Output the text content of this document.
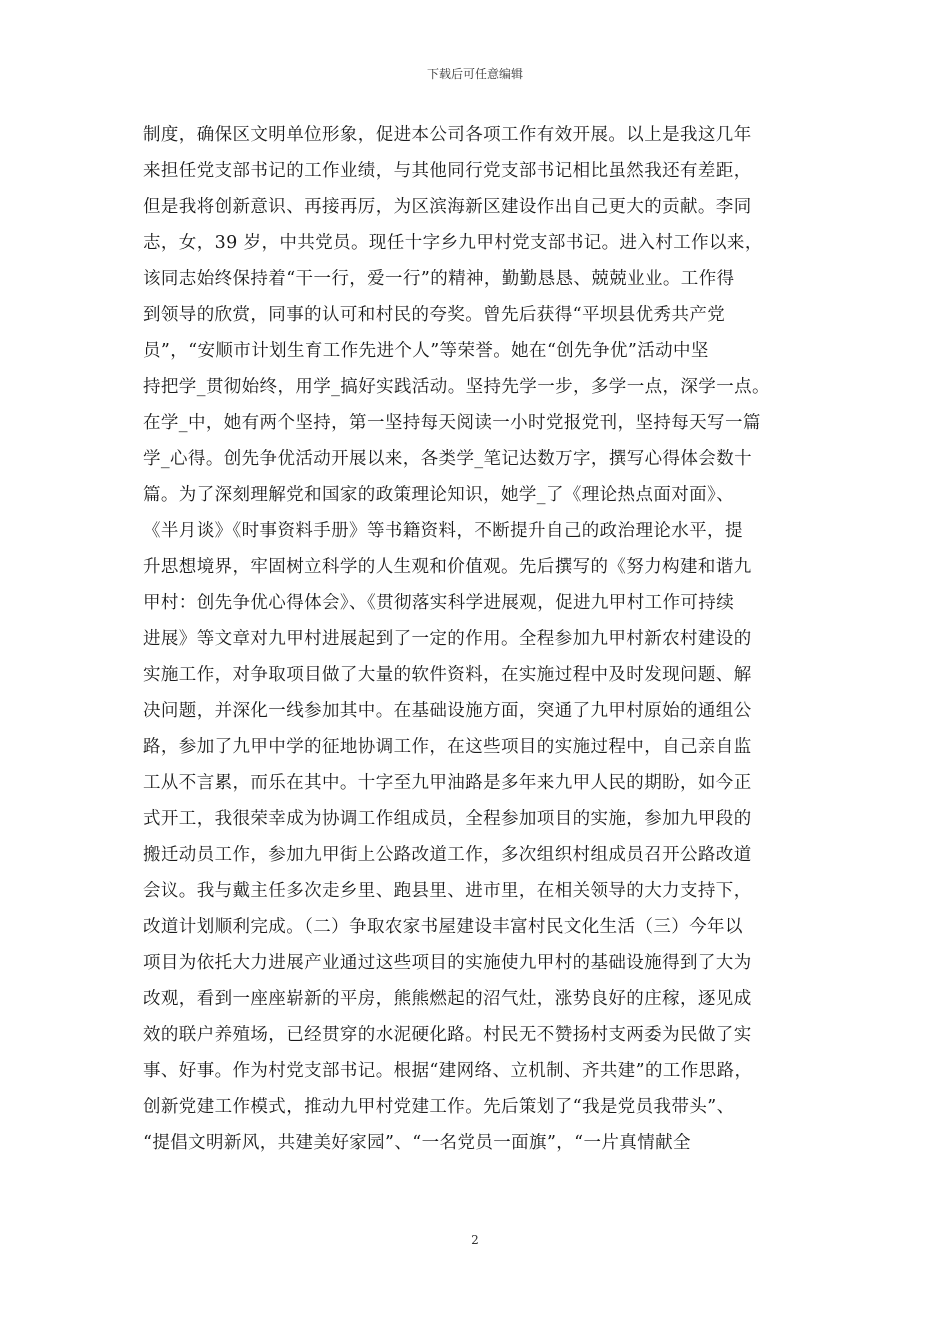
下载后可任意编辑
制度，确保区文明单位形象，促进本公司各项工作有效开展。以上是我这几年
来担任党支部书记的工作业绩，与其他同行党支部书记相比虽然我还有差距，
但是我将创新意识、再接再厉，为区滨海新区建设作出自己更大的贡献。李同
志，女，39 岁，中共党员。现任十字乡九甲村党支部书记。进入村工作以来，
该同志始终保持着“干一行，爱一行”的精神，勤勤恳恳、兢兢业业。工作得
到领导的欣赏，同事的认可和村民的夸奖。曾先后获得“平坝县优秀共产党
员”，“安顺市计划生育工作先进个人”等荣誉。她在“创先争优”活动中坚
持把学_贯彻始终，用学_搞好实践活动。坚持先学一步，多学一点，深学一点。
在学_中，她有两个坚持，第一坚持每天阅读一小时党报党刊，坚持每天写一篇
学_心得。创先争优活动开展以来，各类学_笔记达数万字，撰写心得体会数十
篇。为了深刻理解党和国家的政策理论知识，她学_了《理论热点面对面》、
《半月谈》《时事资料手册》等书籍资料，不断提升自己的政治理论水平，提
升思想境界，牢固树立科学的人生观和价值观。先后撰写的《努力构建和谐九
甲村：创先争优心得体会》、《贯彻落实科学进展观，促进九甲村工作可持续
进展》等文章对九甲村进展起到了一定的作用。全程参加九甲村新农村建设的
实施工作，对争取项目做了大量的软件资料，在实施过程中及时发现问题、解
决问题，并深化一线参加其中。在基础设施方面，突通了九甲村原始的通组公
路，参加了九甲中学的征地协调工作，在这些项目的实施过程中，自己亲自监
工从不言累，而乐在其中。十字至九甲油路是多年来九甲人民的期盼，如今正
式开工，我很荣幸成为协调工作组成员，全程参加项目的实施，参加九甲段的
搬迁动员工作，参加九甲街上公路改道工作，多次组织村组成员召开公路改道
会议。我与戴主任多次走乡里、跑县里、进市里，在相关领导的大力支持下，
改道计划顺利完成。（二）争取农家书屋建设丰富村民文化生活（三）今年以
项目为依托大力进展产业通过这些项目的实施使九甲村的基础设施得到了大为
改观，看到一座座崭新的平房，熊熊燃起的沼气灶，涨势良好的庄稼，逐见成
效的联户养殖场，已经贯穿的水泥硬化路。村民无不赞扬村支两委为民做了实
事、好事。作为村党支部书记。根据“建网络、立机制、齐共建”的工作思路，
创新党建工作模式，推动九甲村党建工作。先后策划了“我是党员我带头”、
“提倡文明新风，共建美好家园”、“一名党员一面旗”，“一片真情献全
2
